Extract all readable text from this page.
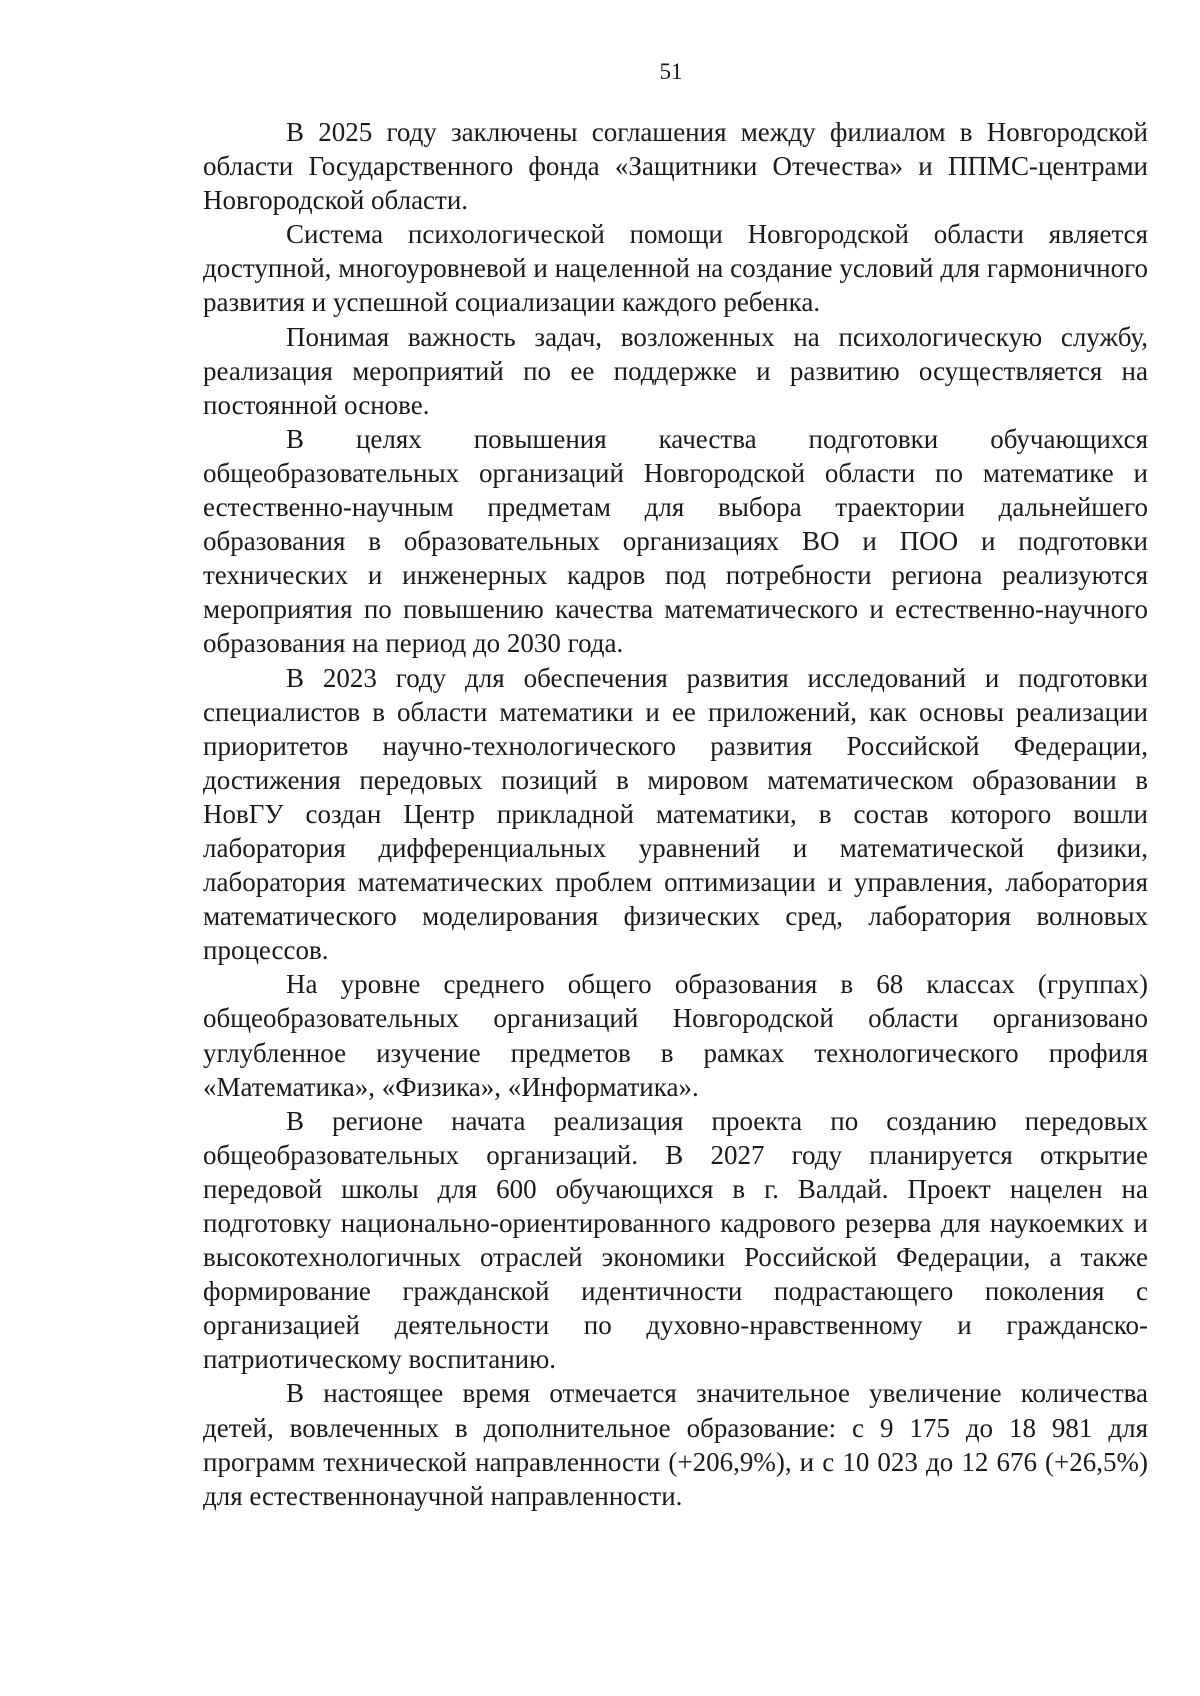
51

В 2025 году заключены соглашения между филиалом в Новгородской области Государственного фонда «Защитники Отечества» и ППМС-центрами Новгородской области.

Система психологической помощи Новгородской области является доступной, многоуровневой и нацеленной на создание условий для гармоничного развития и успешной социализации каждого ребенка.

Понимая важность задач, возложенных на психологическую службу, реализация мероприятий по ее поддержке и развитию осуществляется на постоянной основе.

В целях повышения качества подготовки обучающихся общеобразовательных организаций Новгородской области по математике и естественно-научным предметам для выбора траектории дальнейшего образования в образовательных организациях ВО и ПОО и подготовки технических и инженерных кадров под потребности региона реализуются мероприятия по повышению качества математического и естественно-научного образования на период до 2030 года.

В 2023 году для обеспечения развития исследований и подготовки специалистов в области математики и ее приложений, как основы реализации приоритетов научно-технологического развития Российской Федерации, достижения передовых позиций в мировом математическом образовании в НовГУ создан Центр прикладной математики, в состав которого вошли лаборатория дифференциальных уравнений и математической физики, лаборатория математических проблем оптимизации и управления, лаборатория математического моделирования физических сред, лаборатория волновых процессов.

На уровне среднего общего образования в 68 классах (группах) общеобразовательных организаций Новгородской области организовано углубленное изучение предметов в рамках технологического профиля «Математика», «Физика», «Информатика».

В регионе начата реализация проекта по созданию передовых общеобразовательных организаций. В 2027 году планируется открытие передовой школы для 600 обучающихся в г. Валдай. Проект нацелен на подготовку национально-ориентированного кадрового резерва для наукоемких и высокотехнологичных отраслей экономики Российской Федерации, а также формирование гражданской идентичности подрастающего поколения с организацией деятельности по духовно-нравственному и гражданско-патриотическому воспитанию.

В настоящее время отмечается значительное увеличение количества детей, вовлеченных в дополнительное образование: с 9 175 до 18 981 для программ технической направленности (+206,9%), и с 10 023 до 12 676 (+26,5%) для естественнонаучной направленности.
